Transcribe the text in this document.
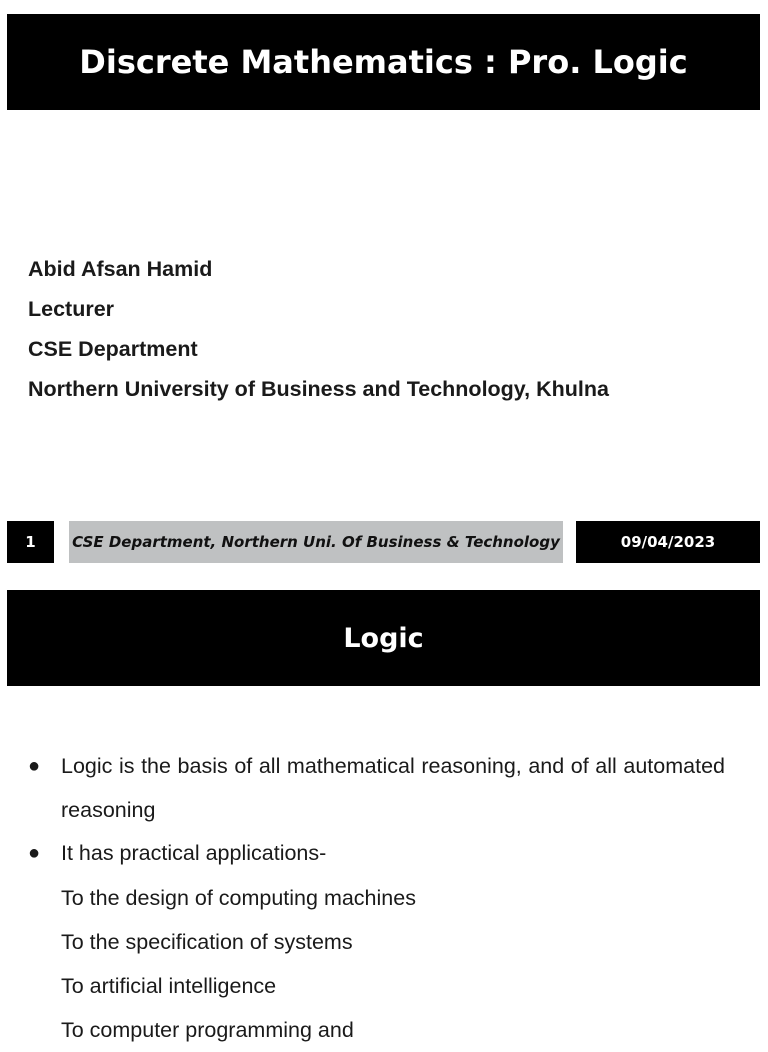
Discrete Mathematics : Pro. Logic
Abid Afsan Hamid
Lecturer
CSE Department
Northern University of Business and Technology, Khulna
1 CSE Department, Northern Uni. Of Business & Technology	09/04/2023
Logic
● Logic is the basis of all mathematical reasoning, and of all automated reasoning
● It has practical applications-
To the design of computing machines
To the specification of systems
To artificial intelligence
To computer programming and
